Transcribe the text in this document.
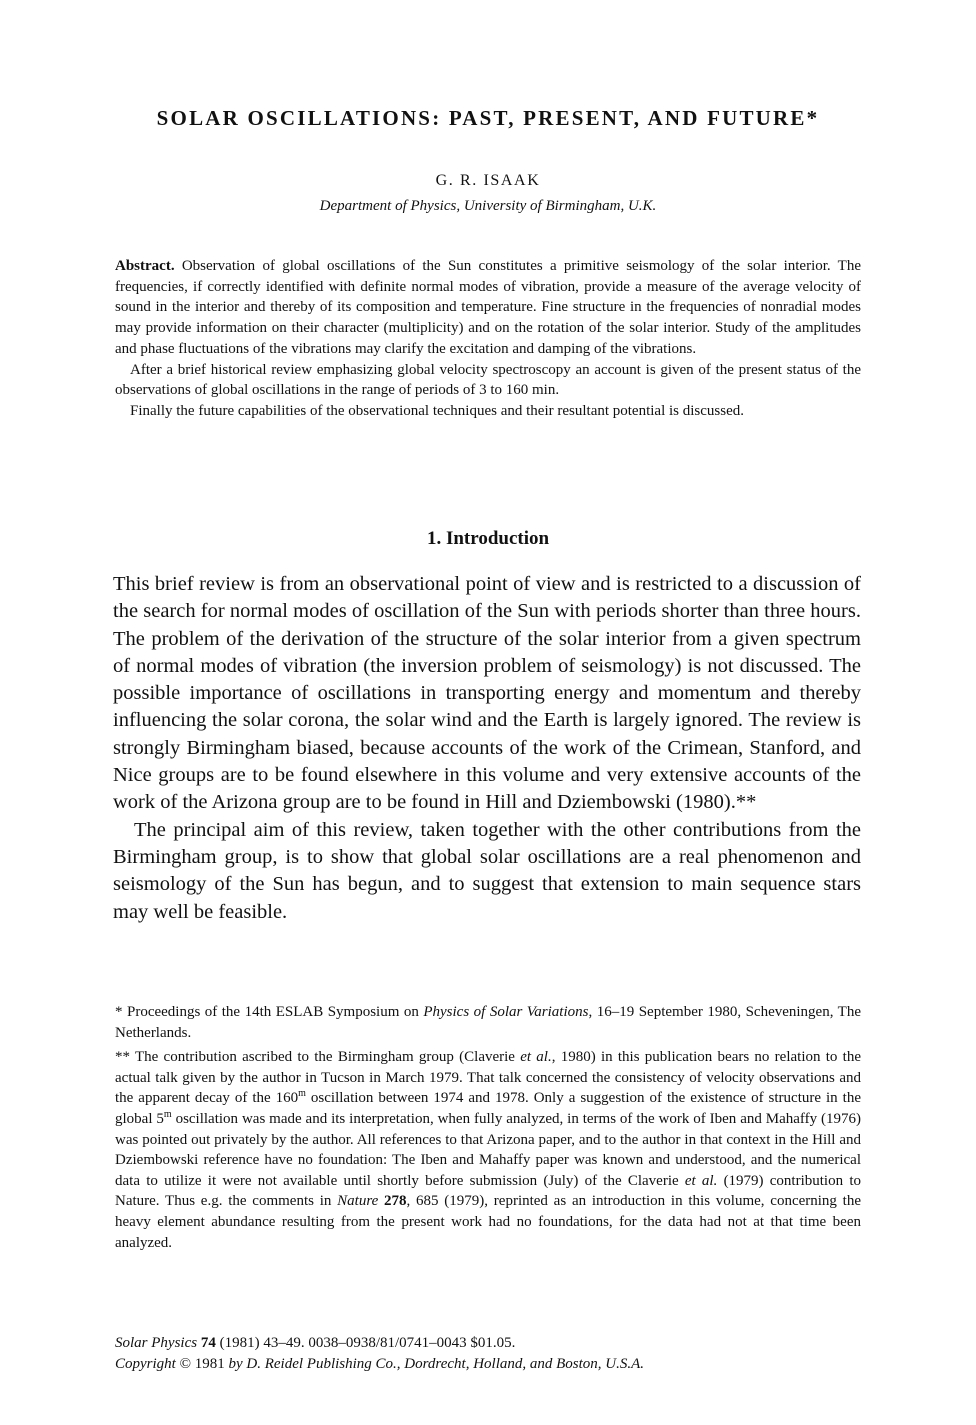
SOLAR OSCILLATIONS: PAST, PRESENT, AND FUTURE*
G. R. ISAAK
Department of Physics, University of Birmingham, U.K.

Abstract. Observation of global oscillations of the Sun constitutes a primitive seismology of the solar interior. The frequencies, if correctly identified with definite normal modes of vibration, provide a measure of the average velocity of sound in the interior and thereby of its composition and temperature. Fine structure in the frequencies of nonradial modes may provide information on their character (multiplicity) and on the rotation of the solar interior. Study of the amplitudes and phase fluctuations of the vibrations may clarify the excitation and damping of the vibrations.

After a brief historical review emphasizing global velocity spectroscopy an account is given of the present status of the observations of global oscillations in the range of periods of 3 to 160 min.

Finally the future capabilities of the observational techniques and their resultant potential is discussed.

1. Introduction

This brief review is from an observational point of view and is restricted to a discussion of the search for normal modes of oscillation of the Sun with periods shorter than three hours. The problem of the derivation of the structure of the solar interior from a given spectrum of normal modes of vibration (the inversion problem of seismology) is not discussed. The possible importance of oscillations in transporting energy and momentum and thereby influencing the solar corona, the solar wind and the Earth is largely ignored. The review is strongly Birmingham biased, because accounts of the work of the Crimean, Stanford, and Nice groups are to be found elsewhere in this volume and very extensive accounts of the work of the Arizona group are to be found in Hill and Dziembowski (1980).**

The principal aim of this review, taken together with the other contributions from the Birmingham group, is to show that global solar oscillations are a real phenomenon and seismology of the Sun has begun, and to suggest that extension to main sequence stars may well be feasible.

* Proceedings of the 14th ESLAB Symposium on Physics of Solar Variations, 16–19 September 1980, Scheveningen, The Netherlands.

** The contribution ascribed to the Birmingham group (Claverie et al., 1980) in this publication bears no relation to the actual talk given by the author in Tucson in March 1979. That talk concerned the consistency of velocity observations and the apparent decay of the 160$^m$ oscillation between 1974 and 1978. Only a suggestion of the existence of structure in the global 5$^m$ oscillation was made and its interpretation, when fully analyzed, in terms of the work of Iben and Mahaffy (1976) was pointed out privately by the author. All references to that Arizona paper, and to the author in that context in the Hill and Dziembowski reference have no foundation: The Iben and Mahaffy paper was known and understood, and the numerical data to utilize it were not available until shortly before submission (July) of the Claverie et al. (1979) contribution to Nature. Thus e.g. the comments in Nature 278, 685 (1979), reprinted as an introduction in this volume, concerning the heavy element abundance resulting from the present work had no foundations, for the data had not at that time been analyzed.

Solar Physics 74 (1981) 43–49. 0038–0938/81/0741–0043 $01.05.
Copyright © 1981 by D. Reidel Publishing Co., Dordrecht, Holland, and Boston, U.S.A.
